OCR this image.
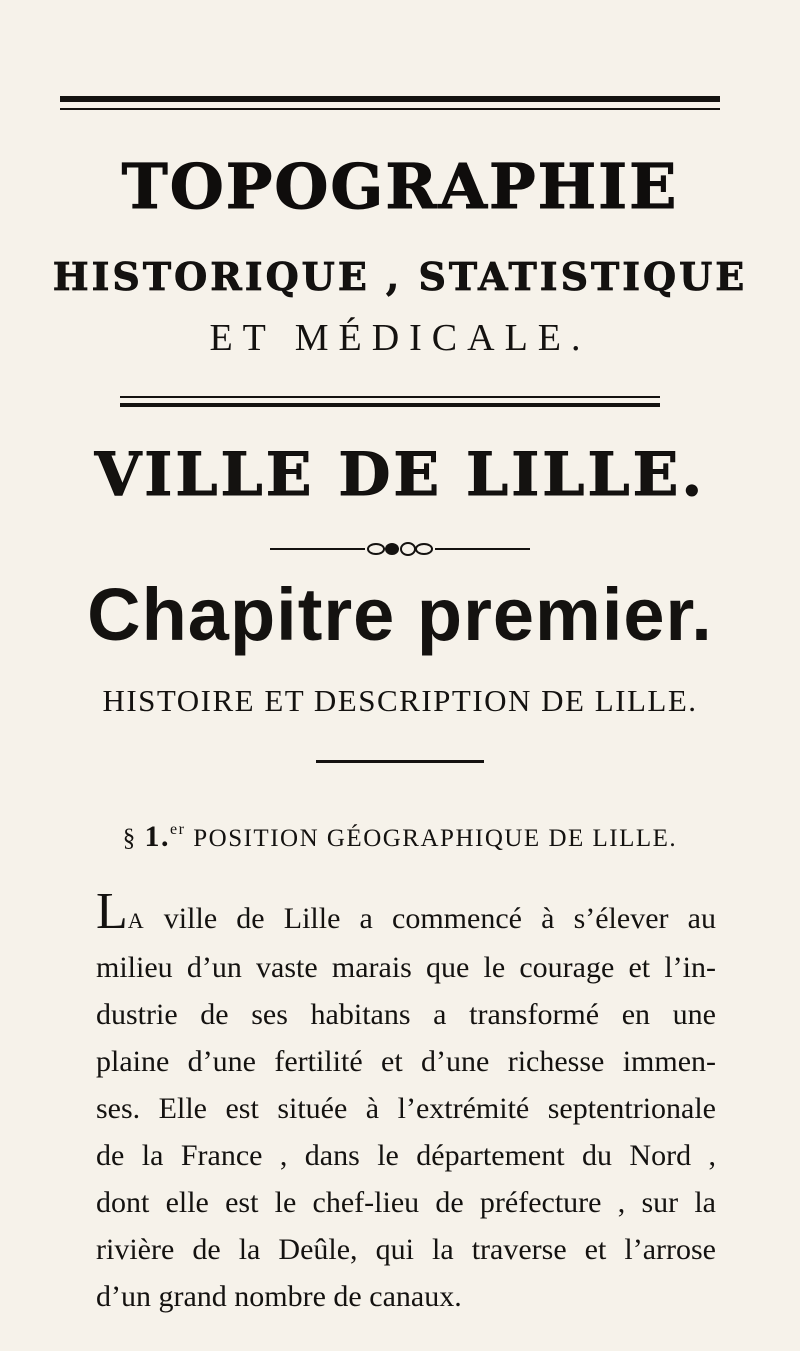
TOPOGRAPHIE
HISTORIQUE , STATISTIQUE
ET MÉDICALE.
VILLE DE LILLE.
Chapitre premier.
HISTOIRE ET DESCRIPTION DE LILLE.
§ 1.$^{er}$ POSITION GÉOGRAPHIQUE DE LILLE.
LA ville de Lille a commencé à s’élever au
milieu d’un vaste marais que le courage et l’in-
dustrie de ses habitans a transformé en une
plaine d’une fertilité et d’une richesse immen-
ses. Elle est située à l’extrémité septentrionale
de la France , dans le département du Nord ,
dont elle est le chef-lieu de préfecture , sur la
rivière de la Deûle, qui la traverse et l’arrose
d’un grand nombre de canaux.
